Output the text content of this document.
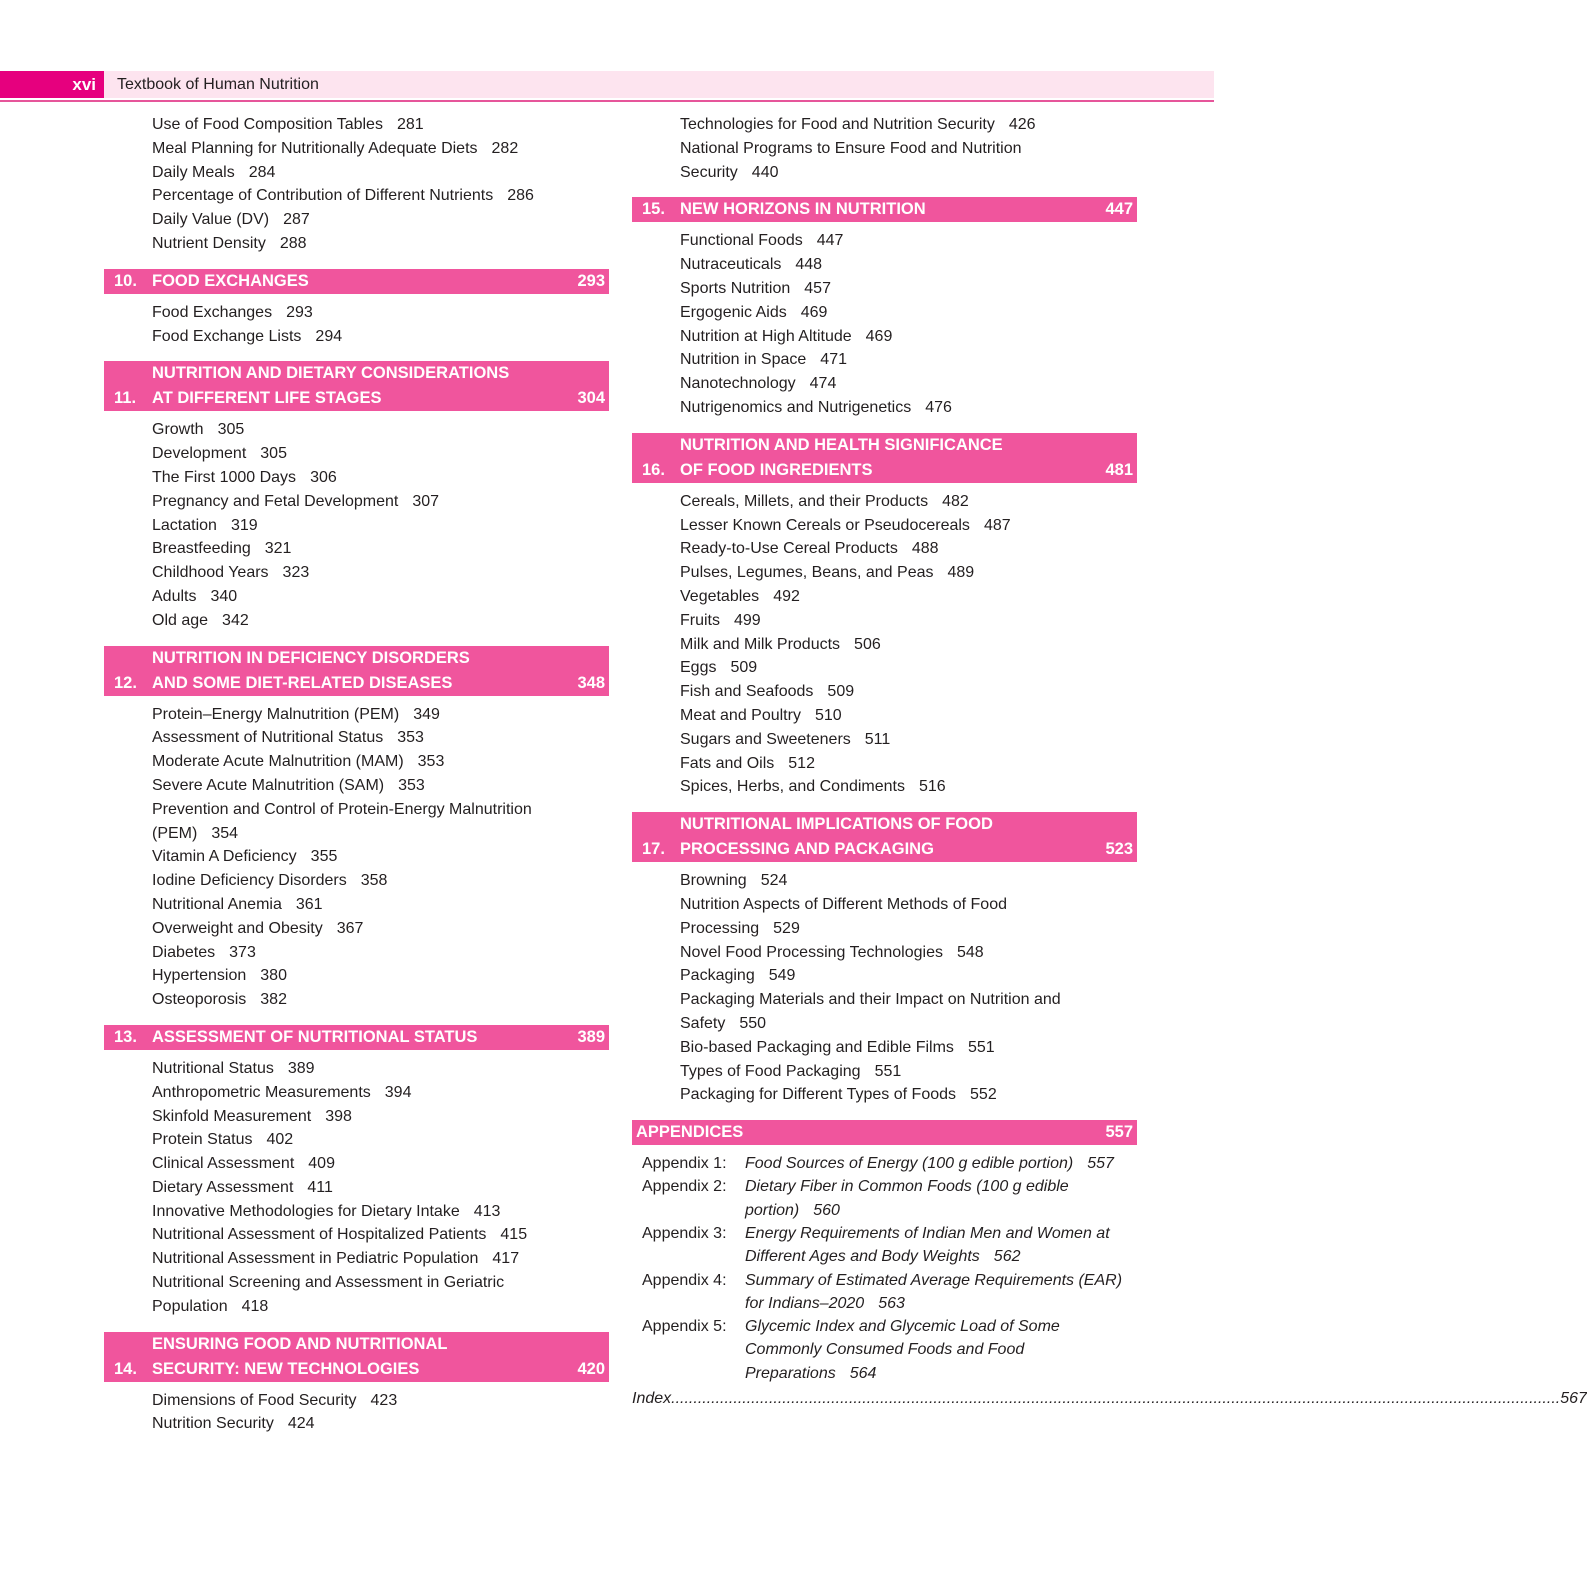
xvi	Textbook of Human Nutrition
Use of Food Composition Tables 281
Meal Planning for Nutritionally Adequate Diets 282
Daily Meals 284
Percentage of Contribution of Different Nutrients 286
Daily Value (DV) 287
Nutrient Density 288
10. FOOD EXCHANGES	293
Food Exchanges 293
Food Exchange Lists 294
11.
NUTRITION AND DIETARY CONSIDERATIONS
AT DIFFERENT LIFE STAGES	304
Growth 305
Development 305
The First 1000 Days 306
Pregnancy and Fetal Development 307
Lactation 319
Breastfeeding 321
Childhood Years 323
Adults 340
Old age 342
12.
NUTRITION IN DEFICIENCY DISORDERS
AND SOME DIET-RELATED DISEASES	348
Protein–Energy Malnutrition (PEM) 349
Assessment of Nutritional Status 353
Moderate Acute Malnutrition (MAM) 353
Severe Acute Malnutrition (SAM) 353
Prevention and Control of Protein-Energy Malnutrition (PEM) 354
Vitamin A Deficiency 355
Iodine Deficiency Disorders 358
Nutritional Anemia 361
Overweight and Obesity 367
Diabetes 373
Hypertension 380
Osteoporosis 382
13. ASSESSMENT OF NUTRITIONAL STATUS	389
Nutritional Status 389
Anthropometric Measurements 394
Skinfold Measurement 398
Protein Status 402
Clinical Assessment 409
Dietary Assessment 411
Innovative Methodologies for Dietary Intake 413
Nutritional Assessment of Hospitalized Patients 415
Nutritional Assessment in Pediatric Population 417
Nutritional Screening and Assessment in Geriatric Population 418
14.
ENSURING FOOD AND NUTRITIONAL
SECURITY: NEW TECHNOLOGIES	420
Dimensions of Food Security 423
Nutrition Security 424
Technologies for Food and Nutrition Security 426
National Programs to Ensure Food and Nutrition Security 440
15. NEW HORIZONS IN NUTRITION	447
Functional Foods 447
Nutraceuticals 448
Sports Nutrition 457
Ergogenic Aids 469
Nutrition at High Altitude 469
Nutrition in Space 471
Nanotechnology 474
Nutrigenomics and Nutrigenetics 476
16.
NUTRITION AND HEALTH SIGNIFICANCE
OF FOOD INGREDIENTS	481
Cereals, Millets, and their Products 482
Lesser Known Cereals or Pseudocereals 487
Ready-to-Use Cereal Products 488
Pulses, Legumes, Beans, and Peas 489
Vegetables 492
Fruits 499
Milk and Milk Products 506
Eggs 509
Fish and Seafoods 509
Meat and Poultry 510
Sugars and Sweeteners 511
Fats and Oils 512
Spices, Herbs, and Condiments 516
17.
NUTRITIONAL IMPLICATIONS OF FOOD
PROCESSING AND PACKAGING	523
Browning 524
Nutrition Aspects of Different Methods of Food Processing 529
Novel Food Processing Technologies 548
Packaging 549
Packaging Materials and their Impact on Nutrition and Safety 550
Bio-based Packaging and Edible Films 551
Types of Food Packaging 551
Packaging for Different Types of Foods 552
APPENDICES	557
Appendix 1:	Food Sources of Energy (100 g edible portion) 557
Appendix 2:	Dietary Fiber in Common Foods (100 g edible portion) 560
Appendix 3:	Energy Requirements of Indian Men and Women at Different Ages and Body Weights 562
Appendix 4:	Summary of Estimated Average Requirements (EAR) for Indians–2020 563
Appendix 5:	Glycemic Index and Glycemic Load of Some Commonly Consumed Foods and Food Preparations 564
Index ........................................................................................................................................................................................................ 567
